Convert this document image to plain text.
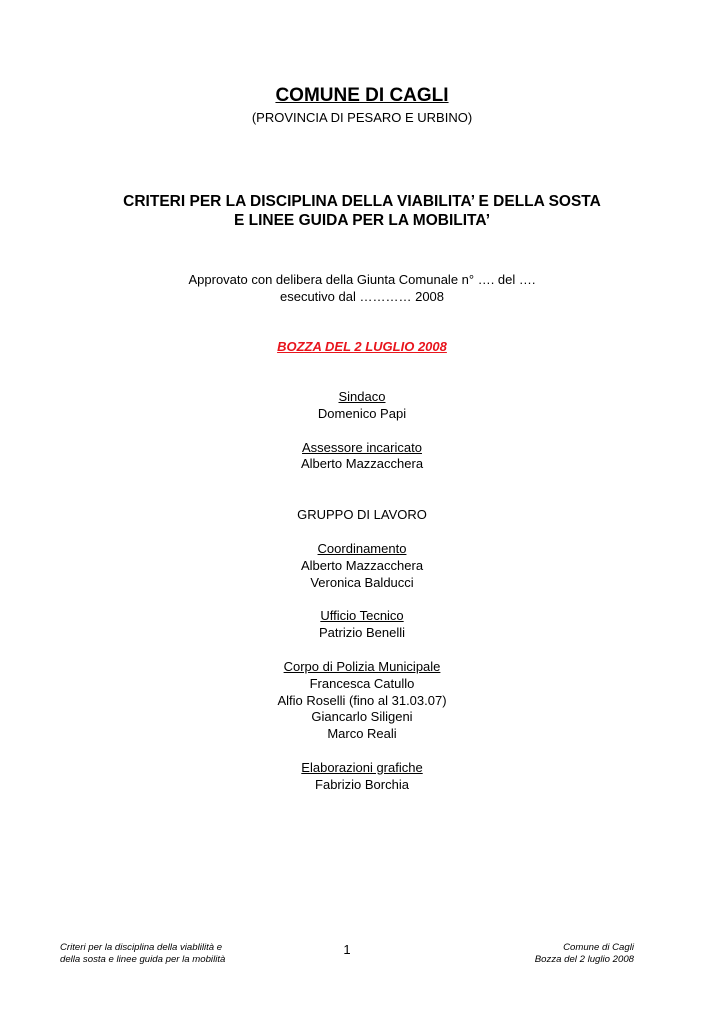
COMUNE DI CAGLI
(PROVINCIA DI PESARO E URBINO)
CRITERI PER LA DISCIPLINA DELLA VIABILITA’ E DELLA SOSTA
E LINEE GUIDA PER LA MOBILITA’
Approvato con delibera della Giunta Comunale n° …. del ….
esecutivo dal ………… 2008
BOZZA DEL 2 LUGLIO 2008
Sindaco
Domenico Papi
Assessore incaricato
Alberto Mazzacchera
GRUPPO DI LAVORO
Coordinamento
Alberto Mazzacchera
Veronica Balducci
Ufficio Tecnico
Patrizio Benelli
Corpo di Polizia Municipale
Francesca Catullo
Alfio Roselli (fino al 31.03.07)
Giancarlo Siligeni
Marco Reali
Elaborazioni grafiche
Fabrizio Borchia
Criteri per la disciplina della viablilità e
della sosta e linee guida per la mobilità
1	Comune di Cagli
Bozza del 2 luglio 2008
